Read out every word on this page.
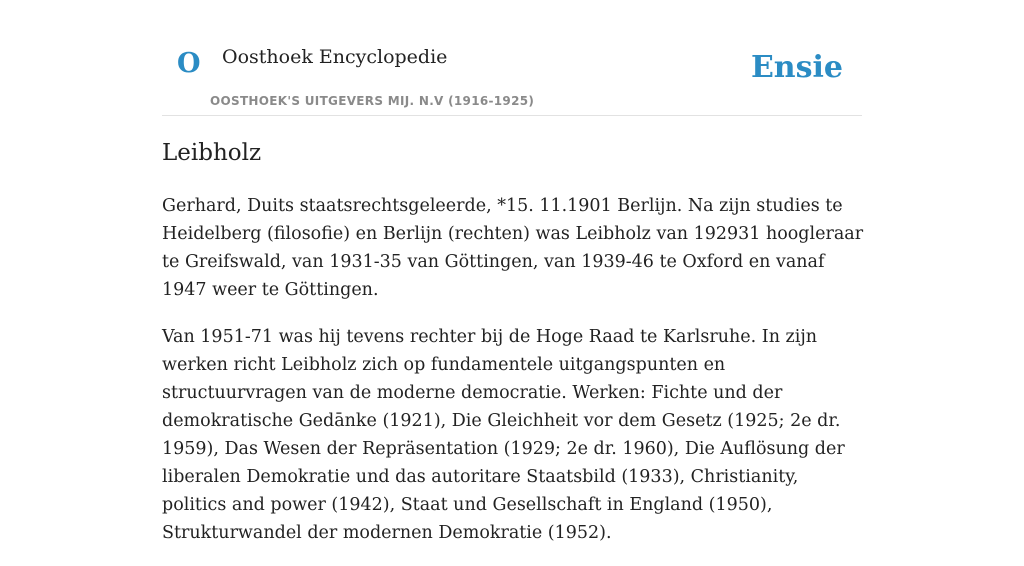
O Oosthoek Encyclopedie
OOSTHOEK'S UITGEVERS MIJ. N.V (1916-1925)
Ensie
Leibholz

Gerhard, Duits staatsrechtsgeleerde, *15. 11.1901 Berlijn. Na zijn studies te Heidelberg (filosofie) en Berlijn (rechten) was Leibholz van 192931 hoogleraar te Greifswald, van 1931-35 van Göttingen, van 1939-46 te Oxford en vanaf 1947 weer te Göttingen.

Van 1951-71 was hij tevens rechter bij de Hoge Raad te Karlsruhe. In zijn werken richt Leibholz zich op fundamentele uitgangspunten en structuurvragen van de moderne democratie. Werken: Fichte und der demokratische Gedānke (1921), Die Gleichheit vor dem Gesetz (1925; 2e dr. 1959), Das Wesen der Repräsentation (1929; 2e dr. 1960), Die Auflösung der liberalen Demokratie und das autoritare Staatsbild (1933), Christianity, politics and power (1942), Staat und Gesellschaft in England (1950), Strukturwandel der modernen Demokratie (1952).
